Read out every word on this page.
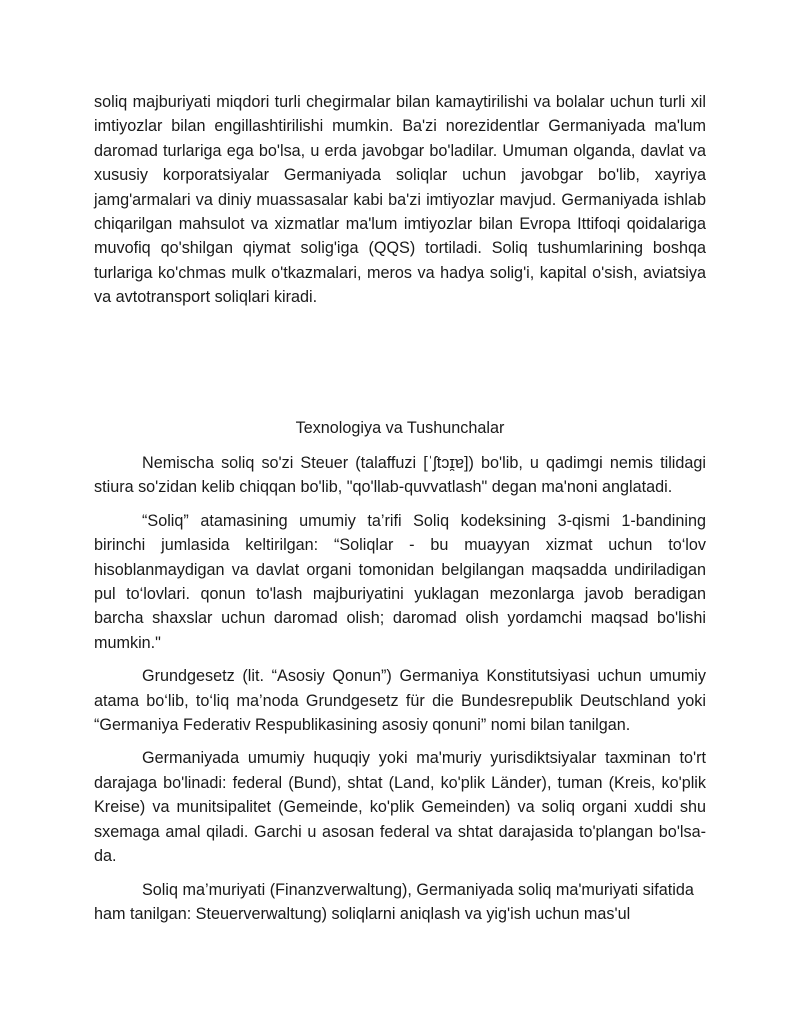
soliq majburiyati miqdori turli chegirmalar bilan kamaytirilishi va bolalar uchun turli xil imtiyozlar bilan engillashtirilishi mumkin. Ba'zi norezidentlar Germaniyada ma'lum daromad turlariga ega bo'lsa, u erda javobgar bo'ladilar. Umuman olganda, davlat va xususiy korporatsiyalar Germaniyada soliqlar uchun javobgar bo'lib, xayriya jamg'armalari va diniy muassasalar kabi ba'zi imtiyozlar mavjud. Germaniyada ishlab chiqarilgan mahsulot va xizmatlar ma'lum imtiyozlar bilan Evropa Ittifoqi qoidalariga muvofiq qo'shilgan qiymat solig'iga (QQS) tortiladi. Soliq tushumlarining boshqa turlariga ko'chmas mulk o'tkazmalari, meros va hadya solig'i, kapital o'sish, aviatsiya va avtotransport soliqlari kiradi.

Texnologiya va Tushunchalar

Nemischa soliq so'zi Steuer (talaffuzi [ˈʃtɔɪ̯ɐ]) bo'lib, u qadimgi nemis tilidagi stiura so'zidan kelib chiqqan bo'lib, "qo'llab-quvvatlash" degan ma'noni anglatadi.

“Soliq” atamasining umumiy ta’rifi Soliq kodeksining 3-qismi 1-bandining birinchi jumlasida keltirilgan: “Soliqlar - bu muayyan xizmat uchun to‘lov hisoblanmaydigan va davlat organi tomonidan belgilangan maqsadda undiriladigan pul to‘lovlari. qonun to'lash majburiyatini yuklagan mezonlarga javob beradigan barcha shaxslar uchun daromad olish; daromad olish yordamchi maqsad bo'lishi mumkin."

Grundgesetz (lit. “Asosiy Qonun”) Germaniya Konstitutsiyasi uchun umumiy atama bo‘lib, to‘liq ma’noda Grundgesetz für die Bundesrepublik Deutschland yoki “Germaniya Federativ Respublikasining asosiy qonuni” nomi bilan tanilgan.

Germaniyada umumiy huquqiy yoki ma'muriy yurisdiktsiyalar taxminan to'rt darajaga bo'linadi: federal (Bund), shtat (Land, ko'plik Länder), tuman (Kreis, ko'plik Kreise) va munitsipalitet (Gemeinde, ko'plik Gemeinden) va soliq organi xuddi shu sxemaga amal qiladi. Garchi u asosan federal va shtat darajasida to'plangan bo'lsa- da.

Soliq ma’muriyati (Finanzverwaltung), Germaniyada soliq ma'muriyati sifatida ham tanilgan: Steuerverwaltung) soliqlarni aniqlash va yig'ish uchun mas'ul
